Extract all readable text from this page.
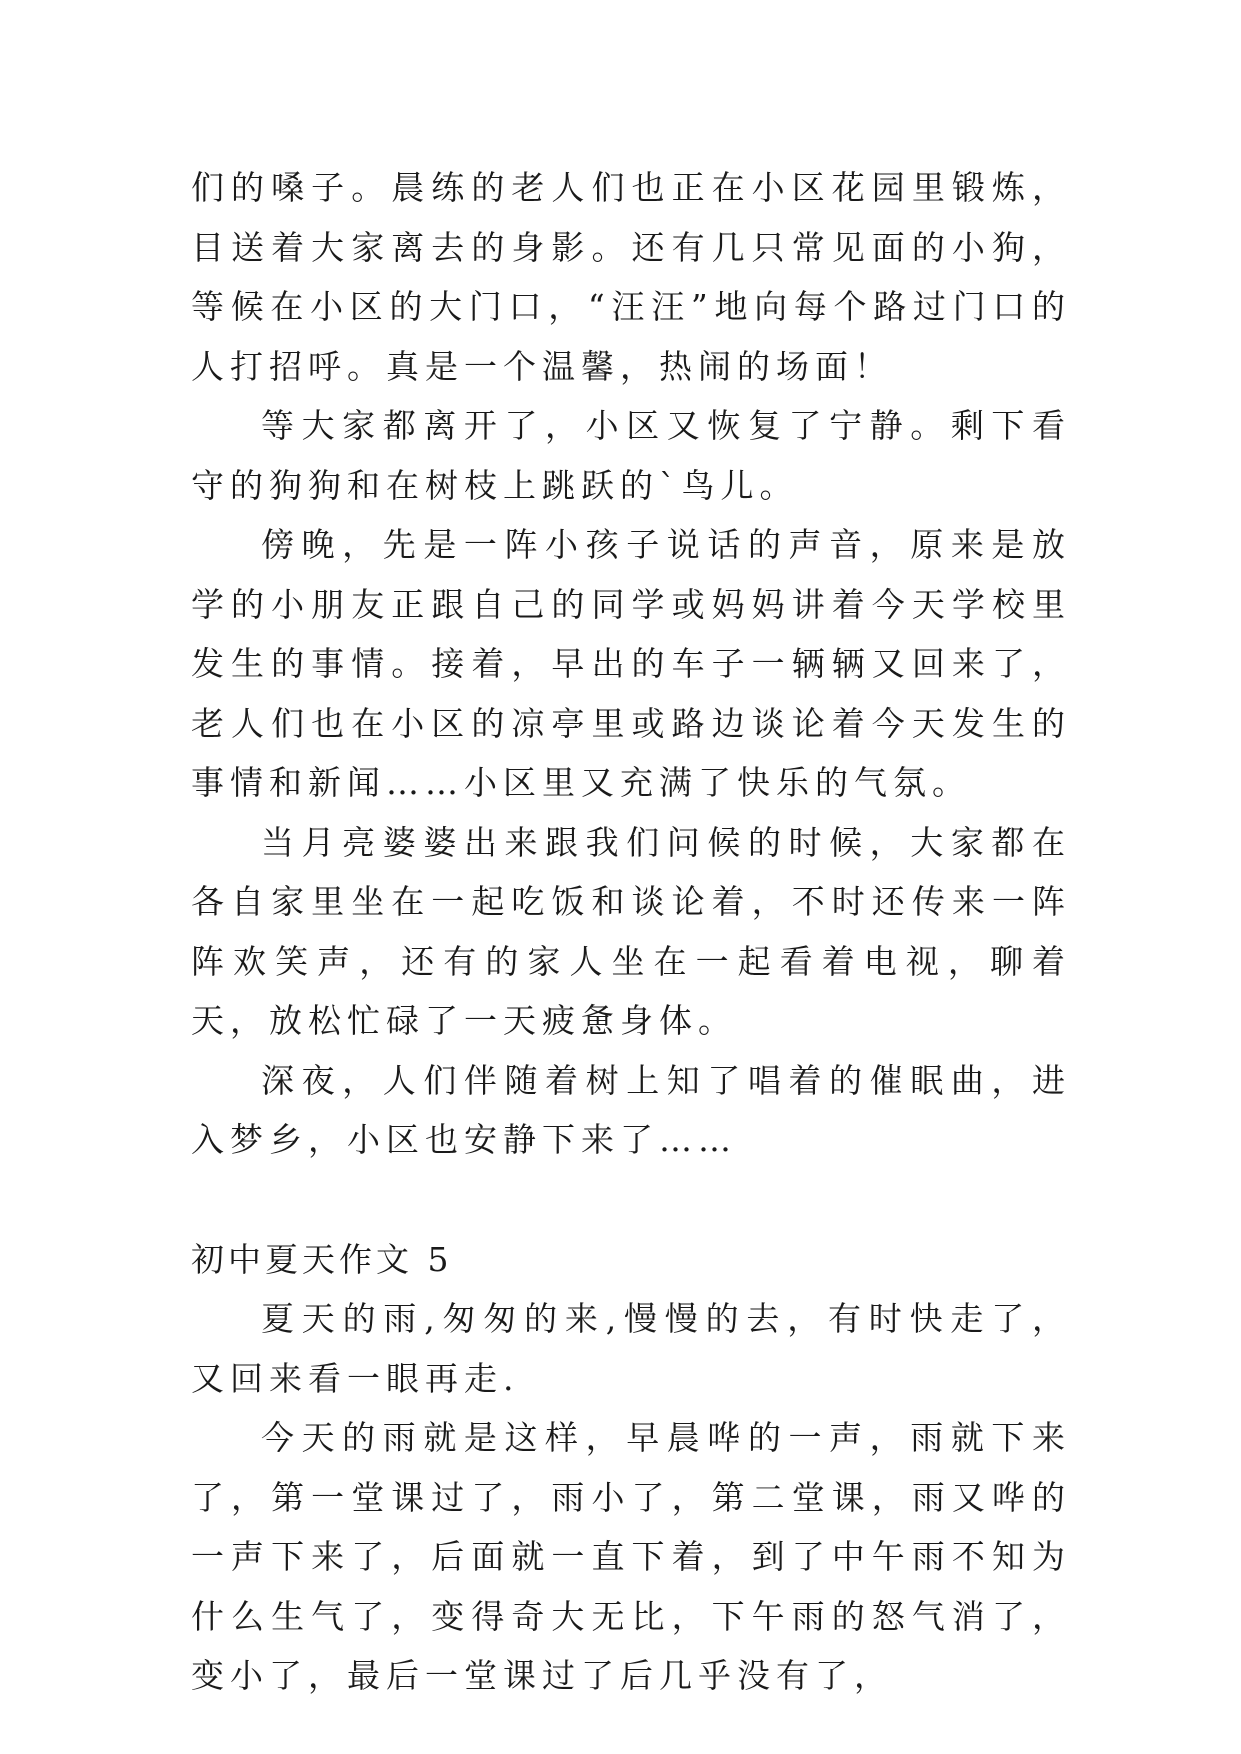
们的嗓子。晨练的老人们也正在小区花园里锻炼，目送着大家离去的身影。还有几只常见面的小狗，等候在小区的大门口，“汪汪”地向每个路过门口的人打招呼。真是一个温馨，热闹的场面！

等大家都离开了，小区又恢复了宁静。剩下看守的狗狗和在树枝上跳跃的`鸟儿。

傍晚，先是一阵小孩子说话的声音，原来是放学的小朋友正跟自己的同学或妈妈讲着今天学校里发生的事情。接着，早出的车子一辆辆又回来了，老人们也在小区的凉亭里或路边谈论着今天发生的事情和新闻……小区里又充满了快乐的气氛。

当月亮婆婆出来跟我们问候的时候，大家都在各自家里坐在一起吃饭和谈论着，不时还传来一阵阵欢笑声，还有的家人坐在一起看着电视，聊着天，放松忙碌了一天疲惫身体。

深夜，人们伴随着树上知了唱着的催眠曲，进入梦乡，小区也安静下来了……

初中夏天作文 5

夏天的雨,匆匆的来,慢慢的去，有时快走了，又回来看一眼再走.

今天的雨就是这样，早晨哗的一声，雨就下来了，第一堂课过了，雨小了，第二堂课，雨又哗的一声下来了，后面就一直下着，到了中午雨不知为什么生气了，变得奇大无比，下午雨的怒气消了，变小了，最后一堂课过了后几乎没有了，
